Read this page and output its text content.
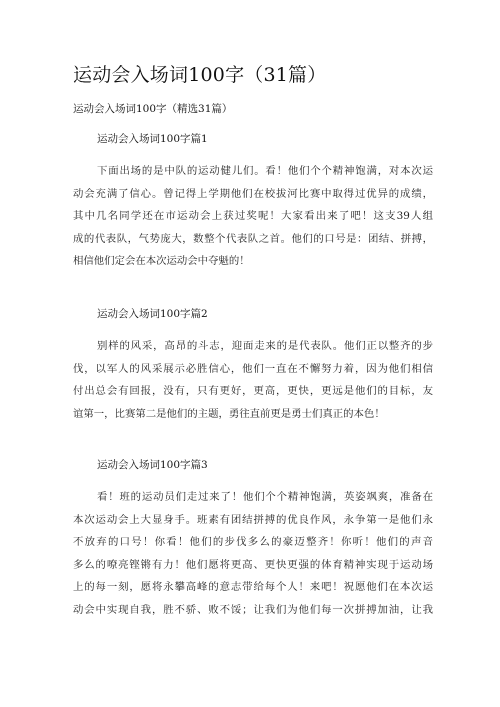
运动会入场词100字（31篇）
运动会入场词100字（精选31篇）
运动会入场词100字篇1
下面出场的是中队的运动健儿们。看！他们个个精神饱满，对本次运
动会充满了信心。曾记得上学期他们在校拔河比赛中取得过优异的成绩，
其中几名同学还在市运动会上获过奖呢！大家看出来了吧！这支39人组
成的代表队，气势庞大，数整个代表队之首。他们的口号是：团结、拼搏，
相信他们定会在本次运动会中夺魁的！
运动会入场词100字篇2
别样的风采，高昂的斗志，迎面走来的是代表队。他们正以整齐的步
伐，以军人的风采展示必胜信心，他们一直在不懈努力着，因为他们相信
付出总会有回报，没有，只有更好，更高，更快，更远是他们的目标，友
谊第一，比赛第二是他们的主题，勇往直前更是勇士们真正的本色！
运动会入场词100字篇3
看！班的运动员们走过来了！他们个个精神饱满，英姿飒爽，准备在
本次运动会上大显身手。班素有团结拼搏的优良作风，永争第一是他们永
不放弃的口号！你看！他们的步伐多么的豪迈整齐！你听！他们的声音
多么的嘹亮铿锵有力！他们愿将更高、更快更强的体育精神实现于运动场
上的每一刻，愿将永攀高峰的意志带给每个人！来吧！祝愿他们在本次运
动会中实现自我，胜不骄、败不馁；让我们为他们每一次拼搏加油，让我
